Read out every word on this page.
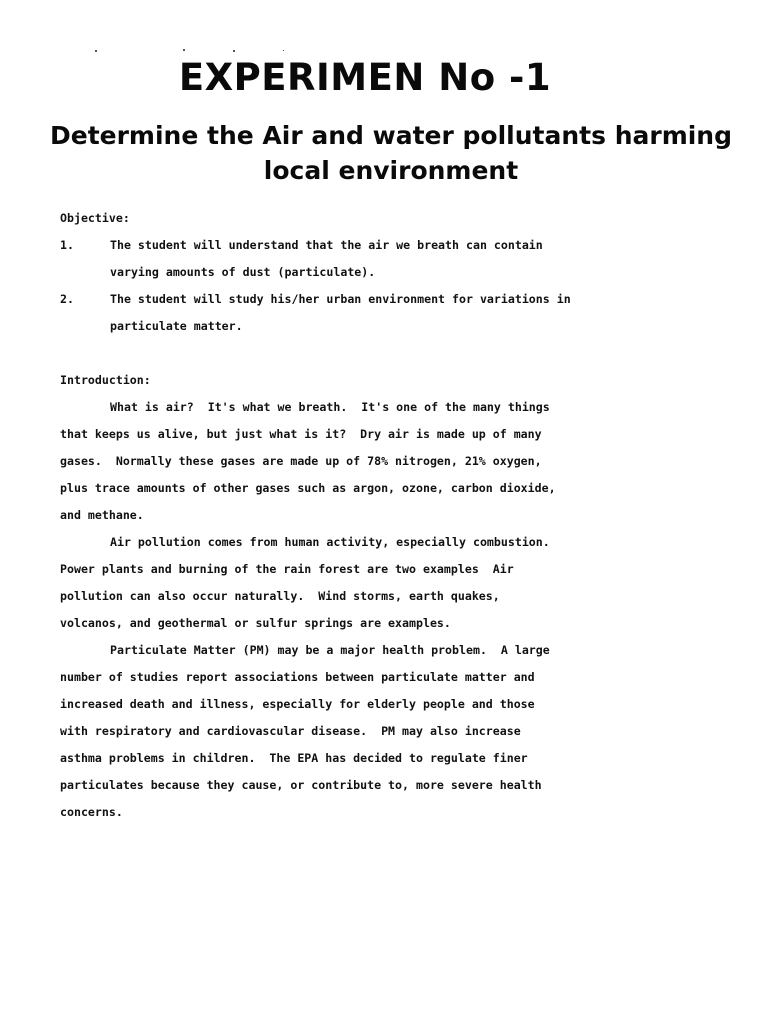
EXPERIMEN No -1
Determine the Air and water pollutants harming
local environment
Objective:
1.	The student will understand that the air we breath can contain
varying amounts of dust (particulate).
2.	The student will study his/her urban environment for variations in
particulate matter.
Introduction:
What is air?  It's what we breath.  It's one of the many things
that keeps us alive, but just what is it?  Dry air is made up of many
gases.  Normally these gases are made up of 78% nitrogen, 21% oxygen,
plus trace amounts of other gases such as argon, ozone, carbon dioxide,
and methane.
Air pollution comes from human activity, especially combustion.
Power plants and burning of the rain forest are two examples  Air
pollution can also occur naturally.  Wind storms, earth quakes,
volcanos, and geothermal or sulfur springs are examples.
Particulate Matter (PM) may be a major health problem.  A large
number of studies report associations between particulate matter and
increased death and illness, especially for elderly people and those
with respiratory and cardiovascular disease.  PM may also increase
asthma problems in children.  The EPA has decided to regulate finer
particulates because they cause, or contribute to, more severe health
concerns.
